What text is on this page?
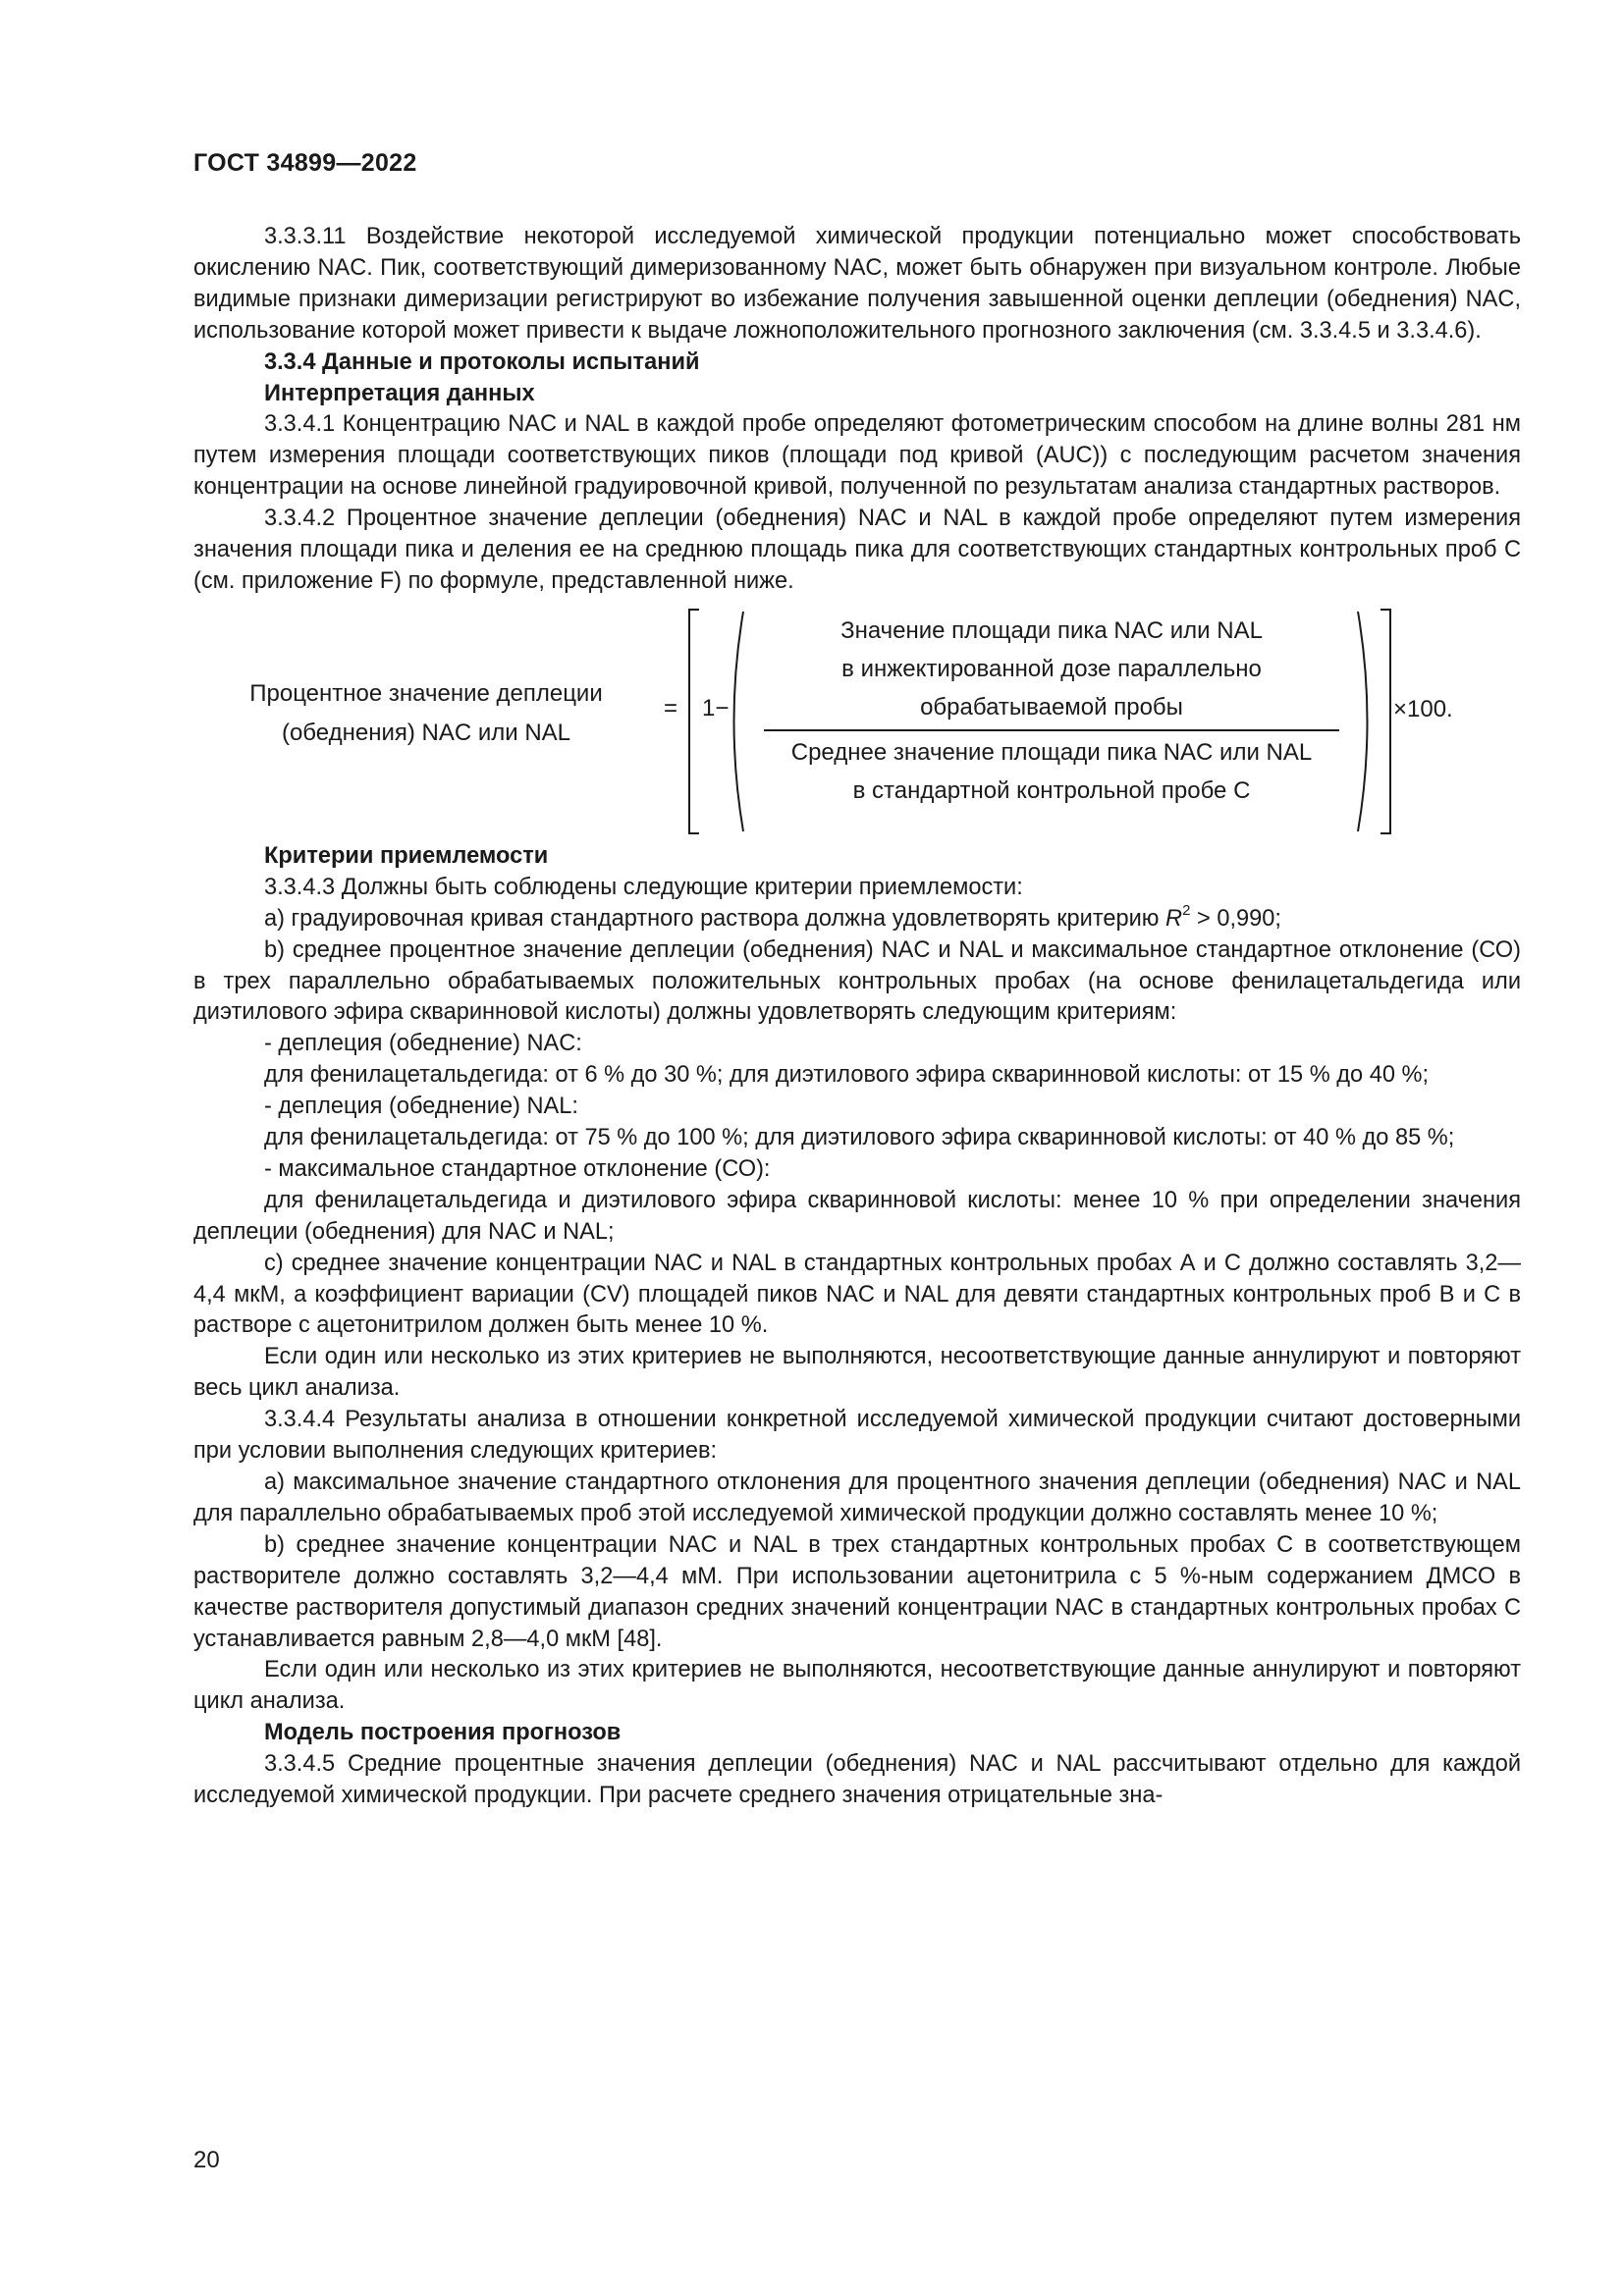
ГОСТ 34899—2022

3.3.3.11 Воздействие некоторой исследуемой химической продукции потенциально может способствовать окислению NAC. Пик, соответствующий димеризованному NAC, может быть обнаружен при визуальном контроле. Любые видимые признаки димеризации регистрируют во избежание получения завышенной оценки деплеции (обеднения) NAC, использование которой может привести к выдаче ложноположительного прогнозного заключения (см. 3.3.4.5 и 3.3.4.6).

3.3.4 Данные и протоколы испытаний

Интерпретация данных

3.3.4.1 Концентрацию NAC и NAL в каждой пробе определяют фотометрическим способом на длине волны 281 нм путем измерения площади соответствующих пиков (площади под кривой (AUC)) с последующим расчетом значения концентрации на основе линейной градуировочной кривой, полученной по результатам анализа стандартных растворов.

3.3.4.2 Процентное значение деплеции (обеднения) NAC и NAL в каждой пробе определяют путем измерения значения площади пика и деления ее на среднюю площадь пика для соответствующих стандартных контрольных проб С (см. приложение F) по формуле, представленной ниже.

Процентное значение деплеции
(обеднения) NAC или NAL
= 1−
Значение площади пика NAC или NAL
в инжектированной дозе параллельно
обрабатываемой пробы
Среднее значение площади пика NAC или NAL
в стандартной контрольной пробе С
×100.

Критерии приемлемости

3.3.4.3 Должны быть соблюдены следующие критерии приемлемости:

а) градуировочная кривая стандартного раствора должна удовлетворять критерию $R^2 > 0,990$;

b) среднее процентное значение деплеции (обеднения) NAC и NAL и максимальное стандартное отклонение (СО) в трех параллельно обрабатываемых положительных контрольных пробах (на основе фенилацетальдегида или диэтилового эфира скваринновой кислоты) должны удовлетворять следующим критериям:

- деплеция (обеднение) NAC:

для фенилацетальдегида: от 6 % до 30 %; для диэтилового эфира скваринновой кислоты: от 15 % до 40 %;

- деплеция (обеднение) NAL:

для фенилацетальдегида: от 75 % до 100 %; для диэтилового эфира скваринновой кислоты: от 40 % до 85 %;

- максимальное стандартное отклонение (СО):

для фенилацетальдегида и диэтилового эфира скваринновой кислоты: менее 10 % при определении значения деплеции (обеднения) для NAC и NAL;

с) среднее значение концентрации NAC и NAL в стандартных контрольных пробах А и С должно составлять 3,2—4,4 мкМ, а коэффициент вариации (CV) площадей пиков NAC и NAL для девяти стандартных контрольных проб В и С в растворе с ацетонитрилом должен быть менее 10 %.

Если один или несколько из этих критериев не выполняются, несоответствующие данные аннулируют и повторяют весь цикл анализа.

3.3.4.4 Результаты анализа в отношении конкретной исследуемой химической продукции считают достоверными при условии выполнения следующих критериев:

а) максимальное значение стандартного отклонения для процентного значения деплеции (обеднения) NAC и NAL для параллельно обрабатываемых проб этой исследуемой химической продукции должно составлять менее 10 %;

b) среднее значение концентрации NAC и NAL в трех стандартных контрольных пробах С в соответствующем растворителе должно составлять 3,2—4,4 мМ. При использовании ацетонитрила с 5 %-ным содержанием ДМСО в качестве растворителя допустимый диапазон средних значений концентрации NAC в стандартных контрольных пробах С устанавливается равным 2,8—4,0 мкМ [48].

Если один или несколько из этих критериев не выполняются, несоответствующие данные аннулируют и повторяют цикл анализа.

Модель построения прогнозов

3.3.4.5 Средние процентные значения деплеции (обеднения) NAC и NAL рассчитывают отдельно для каждой исследуемой химической продукции. При расчете среднего значения отрицательные зна-

20
